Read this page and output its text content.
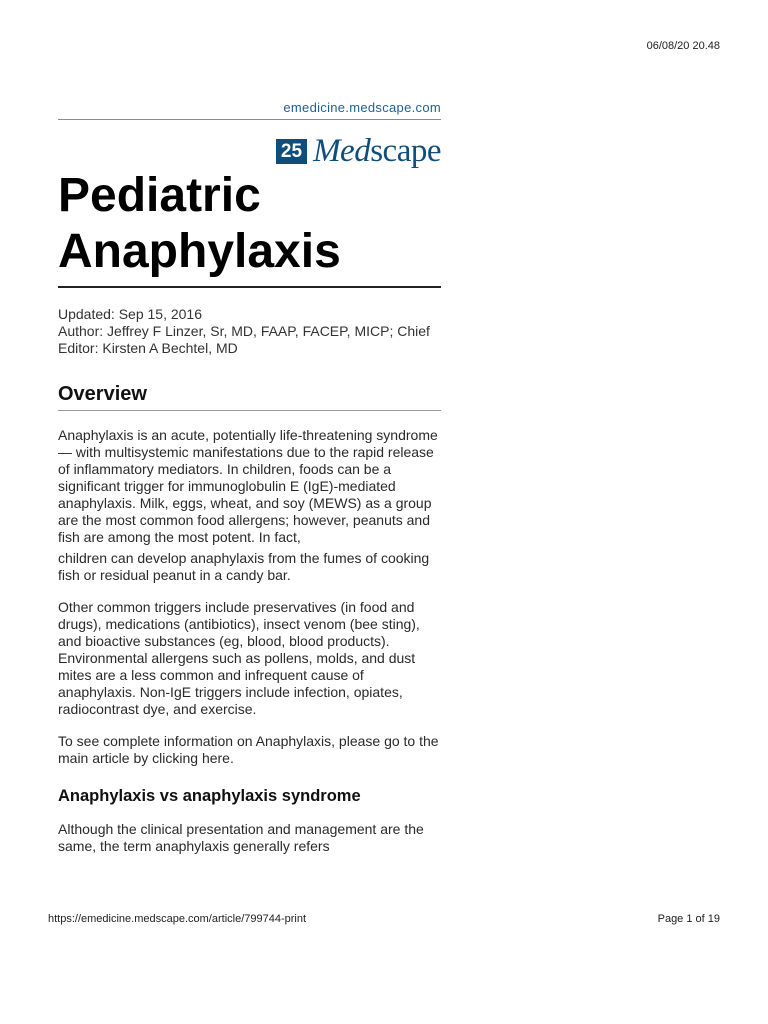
06/08/20 20.48
emedicine.medscape.com
25 Medscape
Pediatric Anaphylaxis
Updated: Sep 15, 2016
Author: Jeffrey F Linzer, Sr, MD, FAAP, FACEP, MICP; Chief Editor: Kirsten A Bechtel, MD
Overview

Anaphylaxis is an acute, potentially life-threatening syndrome — with multisystemic manifestations due to the rapid release of inflammatory mediators. In children, foods can be a significant trigger for immunoglobulin E (IgE)-mediated anaphylaxis. Milk, eggs, wheat, and soy (MEWS) as a group are the most common food allergens; however, peanuts and fish are among the most potent. In fact,

children can develop anaphylaxis from the fumes of cooking fish or residual peanut in a candy bar.

Other common triggers include preservatives (in food and drugs), medications (antibiotics), insect venom (bee sting), and bioactive substances (eg, blood, blood products). Environmental allergens such as pollens, molds, and dust mites are a less common and infrequent cause of anaphylaxis. Non-IgE triggers include infection, opiates, radiocontrast dye, and exercise.

To see complete information on Anaphylaxis, please go to the main article by clicking here.

Anaphylaxis vs anaphylaxis syndrome

Although the clinical presentation and management are the same, the term anaphylaxis generally refers

https://emedicine.medscape.com/article/799744-print	Page 1 of 19
